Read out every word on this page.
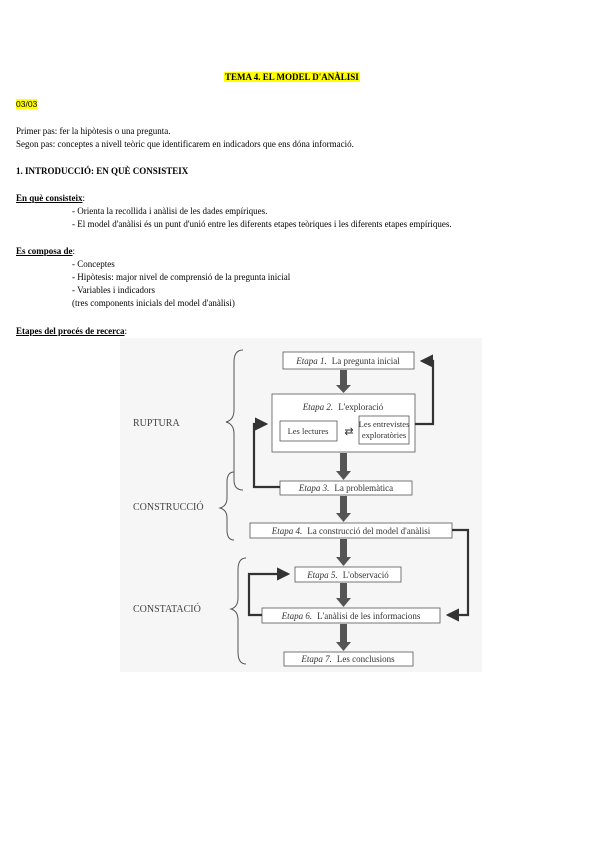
TEMA 4. EL MODEL D'ANÀLISI
03/03
Primer pas: fer la hipòtesis o una pregunta.
Segon pas: conceptes a nivell teòric que identificarem en indicadors que ens dóna informació.
1. INTRODUCCIÓ: EN QUÈ CONSISTEIX
En què consisteix:
- Orienta la recollida i anàlisi de les dades empíriques.
- El model d'anàlisi és un punt d'unió entre les diferents etapes teòriques i les diferents etapes empíriques.
Es composa de:
- Conceptes
- Hipòtesis: major nivel de comprensió de la pregunta inicial
- Variables i indicadors
(tres components inicials del model d'anàlisi)
Etapes del procés de recerca:
RUPTURA
CONSTRUCCIÓ
CONSTATACIÓ
Etapa 1. La pregunta inicial
Etapa 2. L'exploració
Les lectures ⇄
Les entrevistes
exploratòries
Etapa 3. La problemàtica
Etapa 4. La construcció del model d'anàlisi
Etapa 5. L'observació
Etapa 6. L'anàlisi de les informacions
Etapa 7. Les conclusions
